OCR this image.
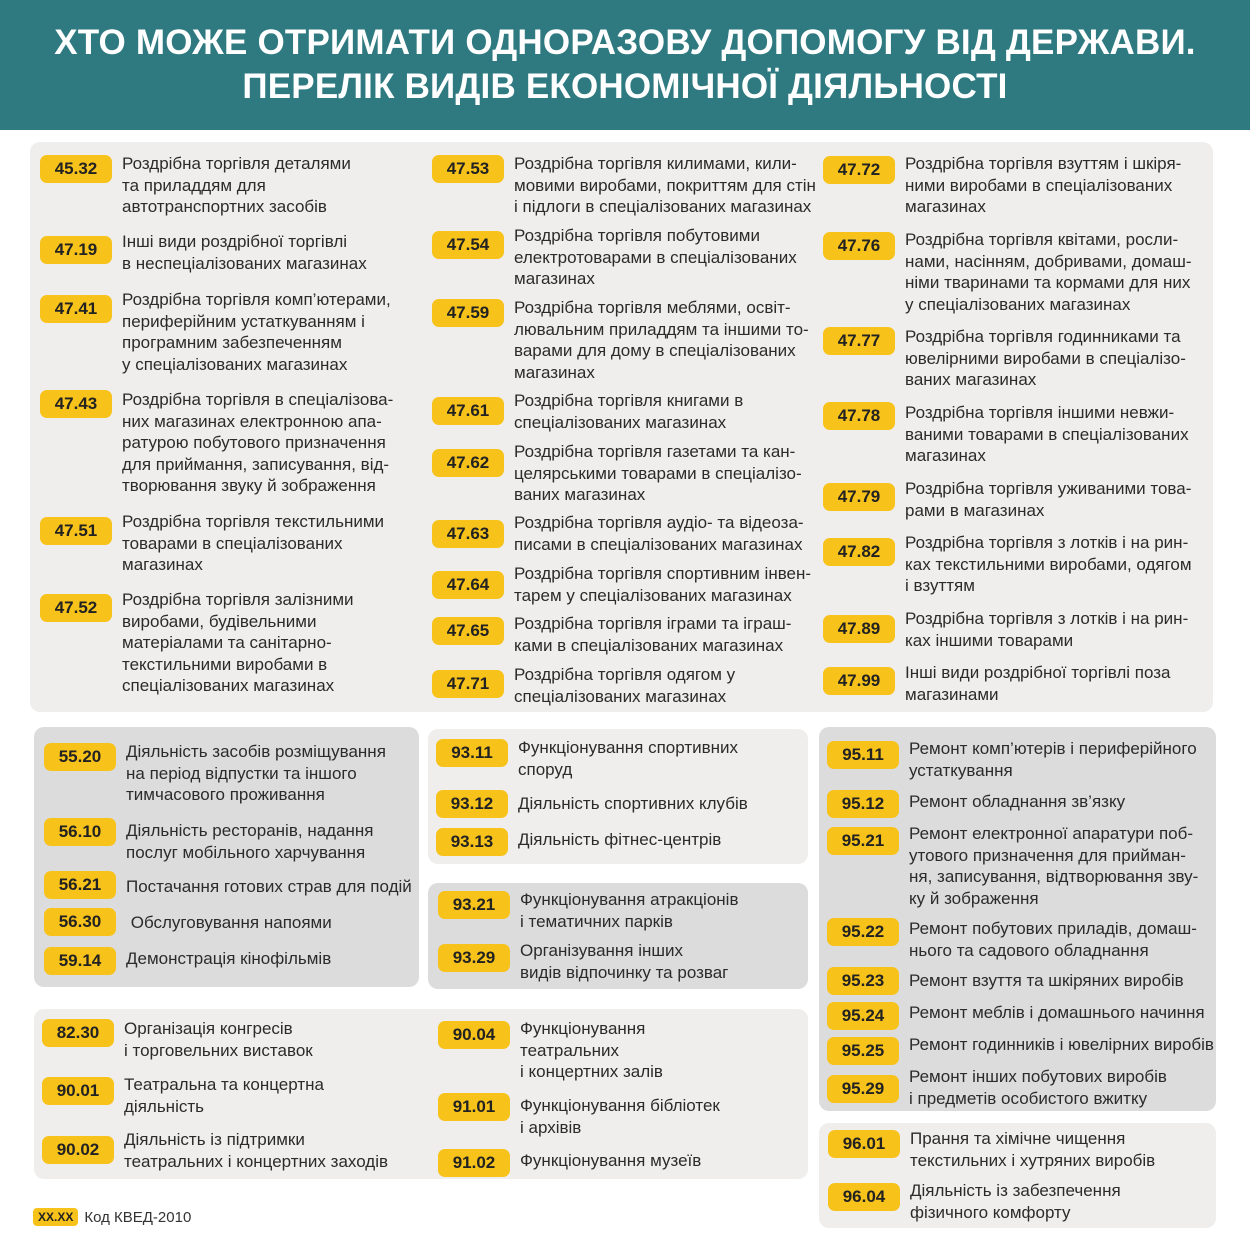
ХТО МОЖЕ ОТРИМАТИ ОДНОРАЗОВУ ДОПОМОГУ ВІД ДЕРЖАВИ.
ПЕРЕЛІК ВИДІВ ЕКОНОМІЧНОЇ ДІЯЛЬНОСТІ
45.32	Роздрібна торгівля деталями
та приладдям для
автотранспортних засобів
47.19	Інші види роздрібної торгівлі
в неспеціалізованих магазинах
47.41	Роздрібна торгівля комп’ютерами,
периферійним устаткуванням і
програмним забезпеченням
у спеціалізованих магазинах
47.43	Роздрібна торгівля в спеціалізова-
них магазинах електронною апа-
ратурою побутового призначення
для приймання, записування, від-
творювання звуку й зображення
47.51	Роздрібна торгівля текстильними
товарами в спеціалізованих
магазинах
47.52	Роздрібна торгівля залізними
виробами, будівельними
матеріалами та санітарно-
текстильними виробами в
спеціалізованих магазинах
47.53	Роздрібна торгівля килимами, кили-
мовими виробами, покриттям для стін
і підлоги в спеціалізованих магазинах
47.54	Роздрібна торгівля побутовими
електротоварами в спеціалізованих
магазинах
47.59	Роздрібна торгівля меблями, освіт-
лювальним приладдям та іншими то-
варами для дому в спеціалізованих
магазинах
47.61
Роздрібна торгівля книгами в
спеціалізованих магазинах
47.62
Роздрібна торгівля газетами та кан-
целярськими товарами в спеціалізо-
ваних магазинах
47.63
Роздрібна торгівля аудіо- та відеоза-
писами в спеціалізованих магазинах
47.64
Роздрібна торгівля спортивним інвен-
тарем у спеціалізованих магазинах
47.65	Роздрібна торгівля іграми та іграш-
ками в спеціалізованих магазинах
47.71	Роздрібна торгівля одягом у
спеціалізованих магазинах
47.72	Роздрібна торгівля взуттям і шкіря-
ними виробами в спеціалізованих
магазинах
47.76	Роздрібна торгівля квітами, росли-
нами, насінням, добривами, домаш-
німи тваринами та кормами для них
у спеціалізованих магазинах
47.77	Роздрібна торгівля годинниками та
ювелірними виробами в спеціалізо-
ваних магазинах
47.78	Роздрібна торгівля іншими невжи-
ваними товарами в спеціалізованих
магазинах
47.79	Роздрібна торгівля уживаними това-
рами в магазинах
47.82	Роздрібна торгівля з лотків і на рин-
ках текстильними виробами, одягом
і взуттям
47.89
Роздрібна торгівля з лотків і на рин-
ках іншими товарами
47.99	Інші види роздрібної торгівлі поза
магазинами
55.20	Діяльність засобів розміщування
на період відпустки та іншого
тимчасового проживання
56.10	Діяльність ресторанів, надання
послуг мобільного харчування
56.21	Постачання готових страв для подій
56.30	Обслуговування напоями
59.14	Демонстрація кінофільмів
93.11	Функціонування спортивних
споруд
93.12	Діяльність спортивних клубів
93.13	Діяльність фітнес-центрів
93.21	Функціонування атракціонів
і тематичних парків
93.29	Організування інших
видів відпочинку та розваг
82.30	Організація конгресів
і торговельних виставок
90.01	Театральна та концертна
діяльність
90.02
Діяльність із підтримки
театральних і концертних заходів
90.04	Функціонування
театральних
і концертних залів
91.01	Функціонування бібліотек
і архівів
91.02	Функціонування музеїв
95.11	Ремонт комп’ютерів і периферійного
устаткування
95.12	Ремонт обладнання зв’язку
95.21	Ремонт електронної апаратури поб-
утового призначення для прийман-
ня, записування, відтворювання зву-
ку й зображення
95.22	Ремонт побутових приладів, домаш-
нього та садового обладнання
95.23	Ремонт взуття та шкіряних виробів
95.24	Ремонт меблів і домашнього начиння
95.25	Ремонт годинників і ювелірних виробів
95.29
Ремонт інших побутових виробів
і предметів особистого вжитку
96.01	Прання та хімічне чищення
текстильних і хутряних виробів
96.04	Діяльність із забезпечення
фізичного комфорту
XX.XX Код КВЕД-2010
